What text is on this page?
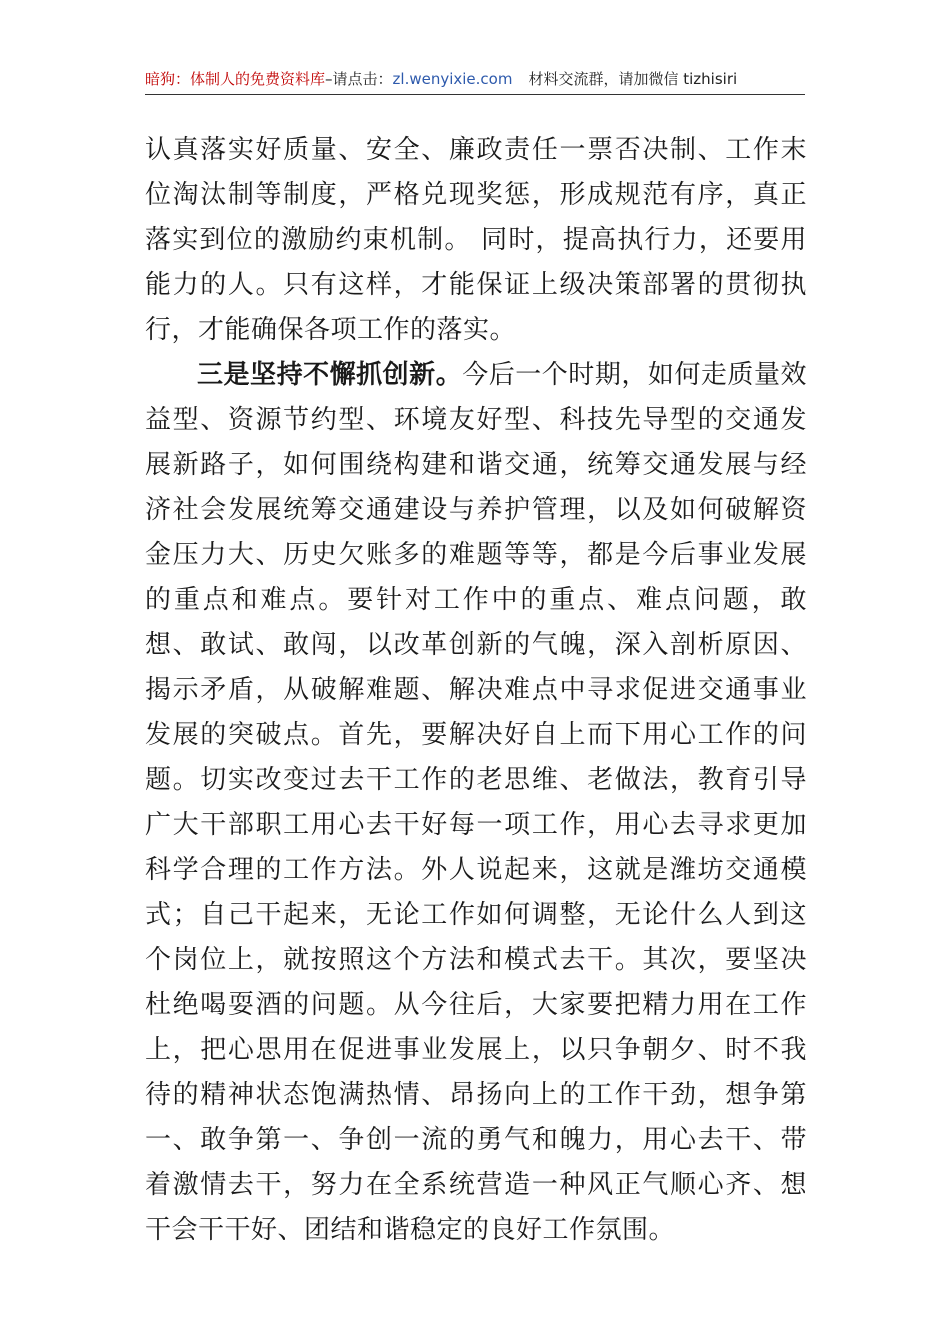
暗狗：体制人的免费资料库–请点击：zl.wenyixie.com 材料交流群，请加微信 tizhisiri

认真落实好质量、安全、廉政责任一票否决制、工作末位淘汰制等制度，严格兑现奖惩，形成规范有序，真正落实到位的激励约束机制。 同时，提高执行力，还要用能力的人。只有这样，才能保证上级决策部署的贯彻执行，才能确保各项工作的落实。

三是坚持不懈抓创新。今后一个时期，如何走质量效益型、资源节约型、环境友好型、科技先导型的交通发展新路子，如何围绕构建和谐交通，统筹交通发展与经济社会发展统筹交通建设与养护管理，以及如何破解资金压力大、历史欠账多的难题等等，都是今后事业发展的重点和难点。要针对工作中的重点、难点问题，敢想、敢试、敢闯，以改革创新的气魄，深入剖析原因、揭示矛盾，从破解难题、解决难点中寻求促进交通事业发展的突破点。首先，要解决好自上而下用心工作的问题。切实改变过去干工作的老思维、老做法，教育引导广大干部职工用心去干好每一项工作，用心去寻求更加科学合理的工作方法。外人说起来，这就是潍坊交通模式；自己干起来，无论工作如何调整，无论什么人到这个岗位上，就按照这个方法和模式去干。其次，要坚决杜绝喝耍酒的问题。从今往后，大家要把精力用在工作上，把心思用在促进事业发展上，以只争朝夕、时不我待的精神状态饱满热情、昂扬向上的工作干劲，想争第一、敢争第一、争创一流的勇气和魄力，用心去干、带着激情去干，努力在全系统营造一种风正气顺心齐、想干会干干好、团结和谐稳定的良好工作氛围。
